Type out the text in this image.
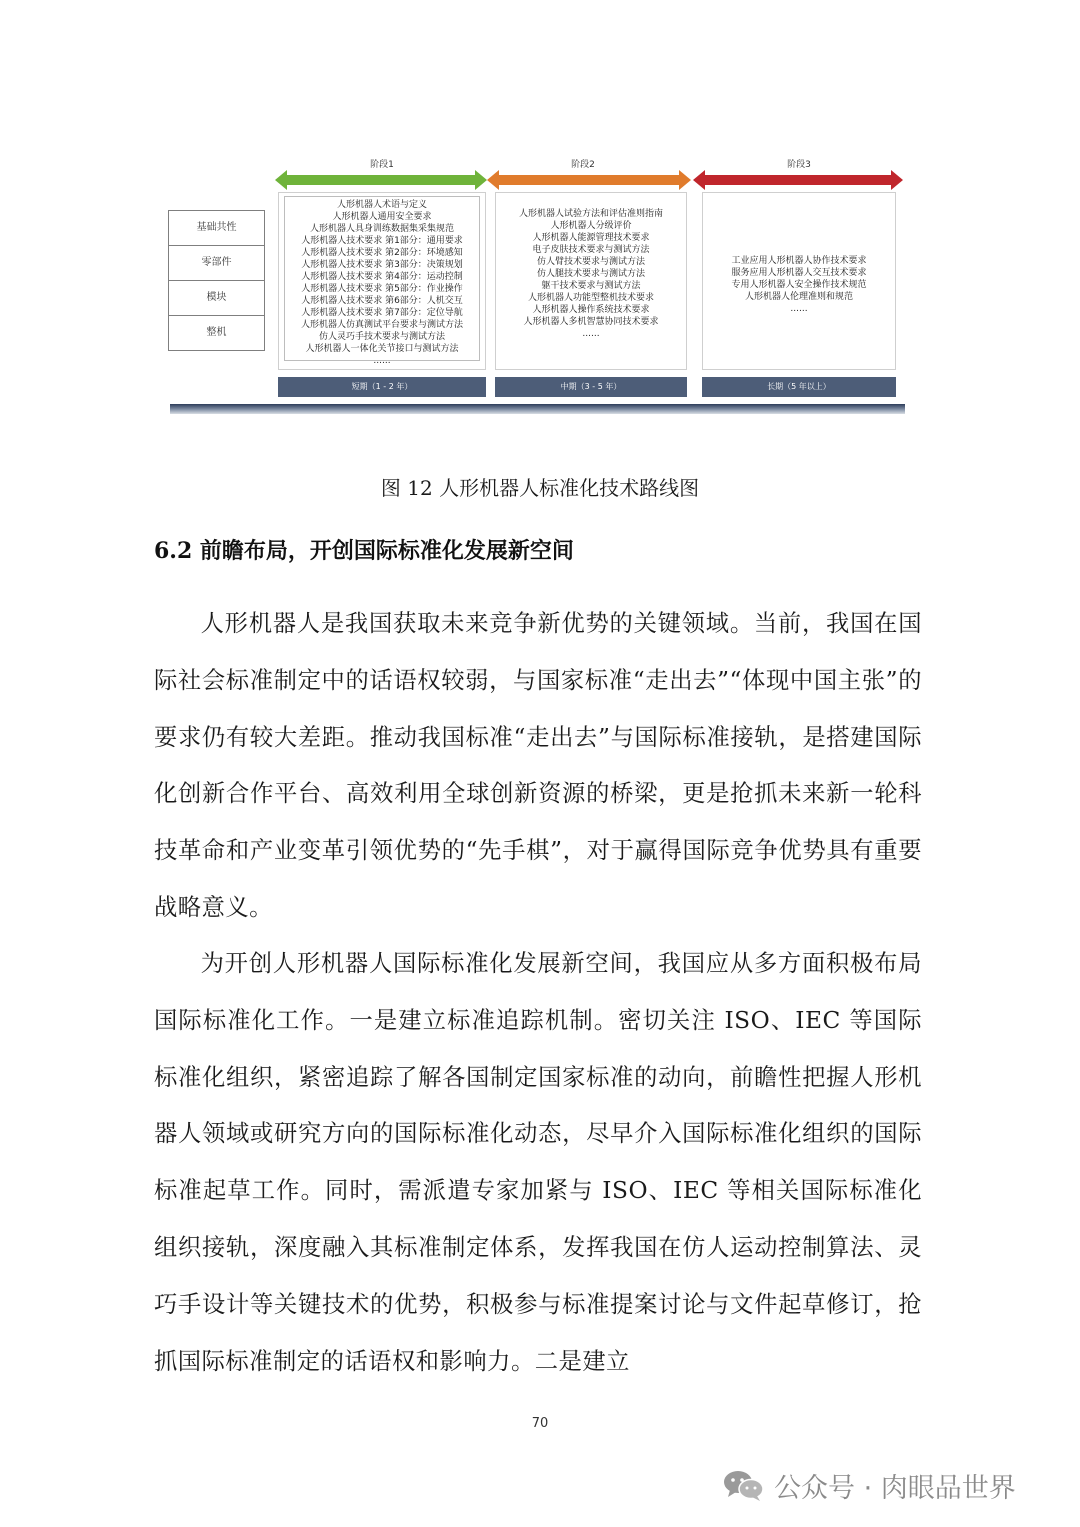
阶段1	阶段2	阶段3
基础共性
零部件
模块
整机
人形机器人术语与定义
人形机器人通用安全要求
人形机器人具身训练数据集采集规范
人形机器人技术要求 第1部分：通用要求
人形机器人技术要求 第2部分：环境感知
人形机器人技术要求 第3部分：决策规划
人形机器人技术要求 第4部分：运动控制
人形机器人技术要求 第5部分：作业操作
人形机器人技术要求 第6部分：人机交互
人形机器人技术要求 第7部分：定位导航
人形机器人仿真测试平台要求与测试方法
仿人灵巧手技术要求与测试方法
人形机器人一体化关节接口与测试方法
......
人形机器人试验方法和评估准则指南
人形机器人分级评价
人形机器人能源管理技术要求
电子皮肤技术要求与测试方法
仿人臂技术要求与测试方法
仿人腿技术要求与测试方法
躯干技术要求与测试方法
人形机器人功能型整机技术要求
人形机器人操作系统技术要求
人形机器人多机智慧协同技术要求
......
工业应用人形机器人协作技术要求
服务应用人形机器人交互技术要求
专用人形机器人安全操作技术规范
人形机器人伦理准则和规范
......
短期（1 - 2 年）	中期（3 - 5 年）	长期（5 年以上）
图 12 人形机器人标准化技术路线图
6.2 前瞻布局，开创国际标准化发展新空间
人形机器人是我国获取未来竞争新优势的关键领域。当前，我国在国际社会标准制定中的话语权较弱，与国家标准“走出去”“体现中国主张”的要求仍有较大差距。推动我国标准“走出去”与国际标准接轨，是搭建国际化创新合作平台、高效利用全球创新资源的桥梁，更是抢抓未来新一轮科技革命和产业变革引领优势的“先手棋”，对于赢得国际竞争优势具有重要战略意义。
为开创人形机器人国际标准化发展新空间，我国应从多方面积极布局国际标准化工作。一是建立标准追踪机制。密切关注 ISO、IEC 等国际标准化组织，紧密追踪了解各国制定国家标准的动向，前瞻性把握人形机器人领域或研究方向的国际标准化动态，尽早介入国际标准化组织的国际标准起草工作。同时，需派遣专家加紧与 ISO、IEC 等相关国际标准化组织接轨，深度融入其标准制定体系，发挥我国在仿人运动控制算法、灵巧手设计等关键技术的优势，积极参与标准提案讨论与文件起草修订，抢抓国际标准制定的话语权和影响力。二是建立
70
公众号 · 肉眼品世界
